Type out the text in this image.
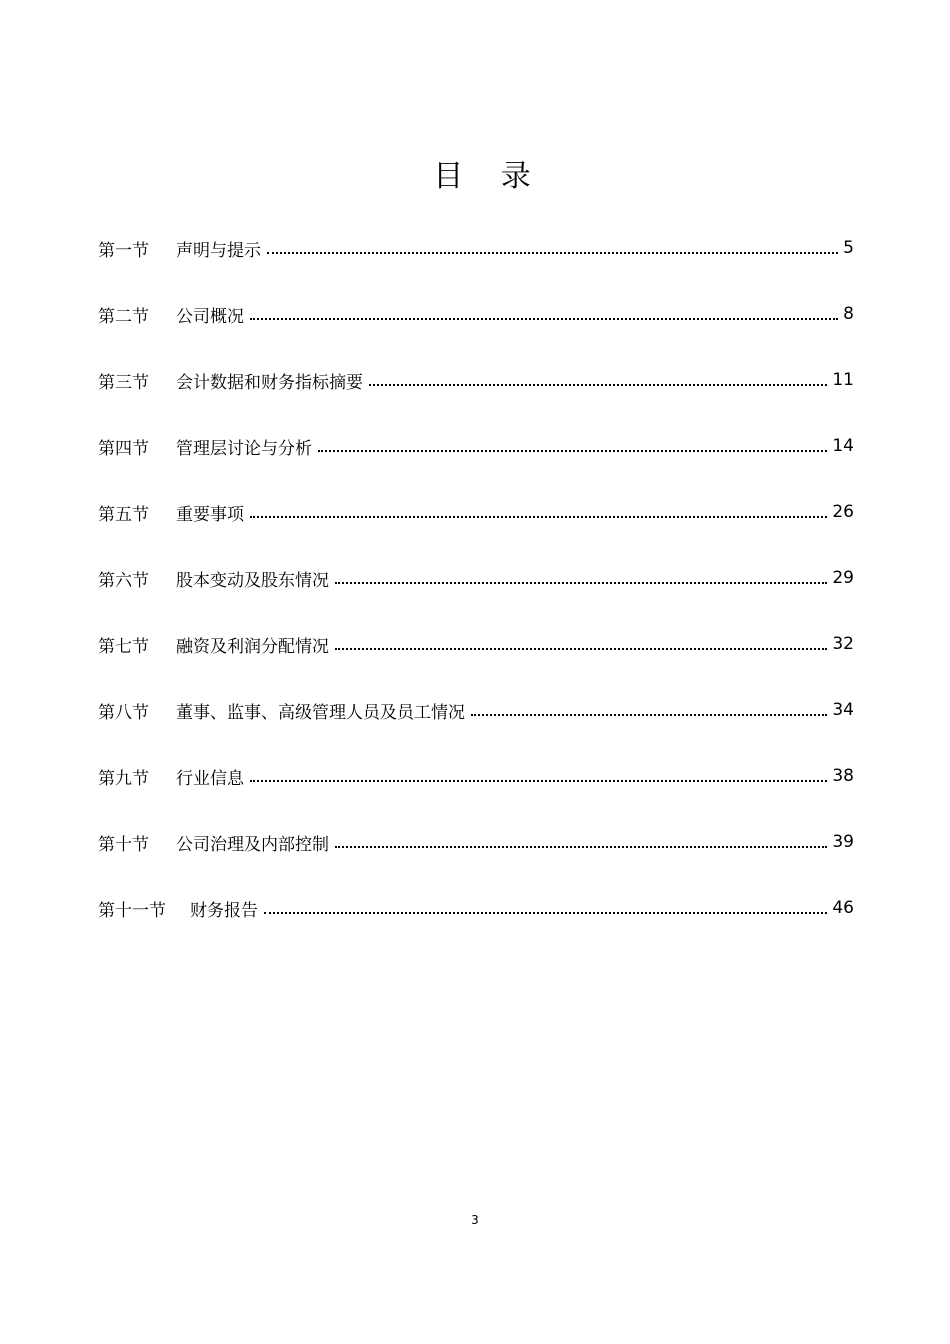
目 录
第一节 声明与提示	5
第二节 公司概况	8
第三节 会计数据和财务指标摘要	11
第四节 管理层讨论与分析	14
第五节 重要事项	26
第六节 股本变动及股东情况	29
第七节 融资及利润分配情况	32
第八节 董事、监事、高级管理人员及员工情况	34
第九节 行业信息	38
第十节 公司治理及内部控制	39
第十一节 财务报告	46
3
